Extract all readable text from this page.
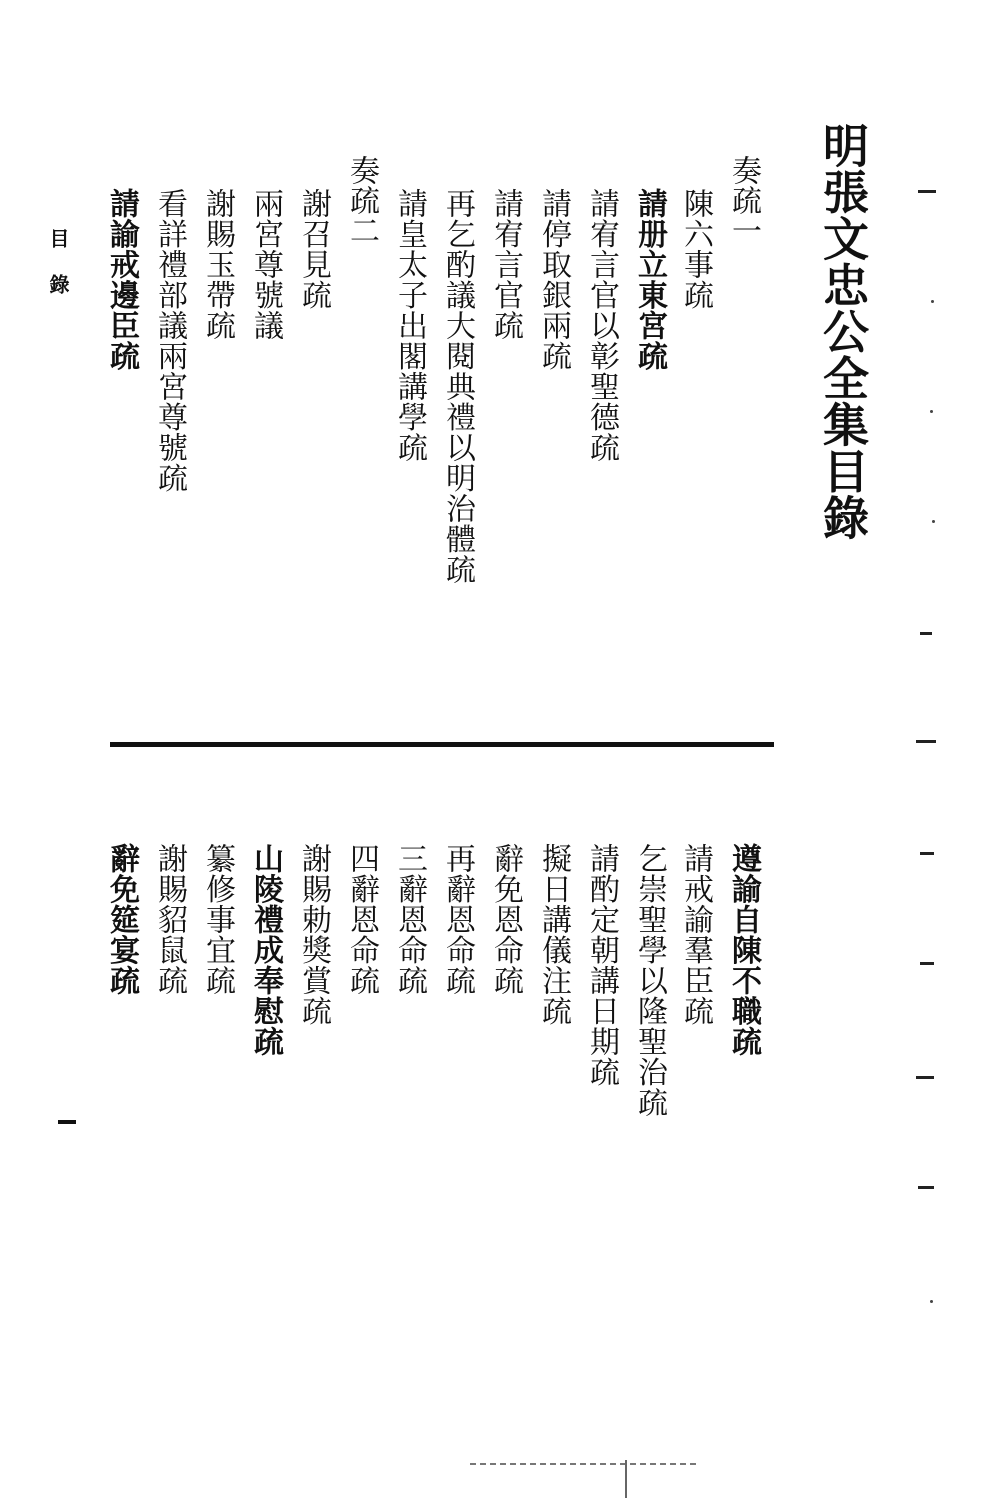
明張文忠公全集目錄
奏疏一
陳六事疏
請册立東宮疏
請宥言官以彰聖德疏
請停取銀兩疏
請宥言官疏
再乞酌議大閱典禮以明治體疏
請皇太子出閣講學疏
奏疏二
謝召見疏
兩宮尊號議
謝賜玉帶疏
看詳禮部議兩宮尊號疏
請諭戒邊臣疏
目錄
遵諭自陳不職疏
請戒諭羣臣疏
乞崇聖學以隆聖治疏
請酌定朝講日期疏
擬日講儀注疏
辭免恩命疏
再辭恩命疏
三辭恩命疏
四辭恩命疏
謝賜勅獎賞疏
山陵禮成奉慰疏
纂修事宜疏
謝賜貂鼠疏
辭免筵宴疏
